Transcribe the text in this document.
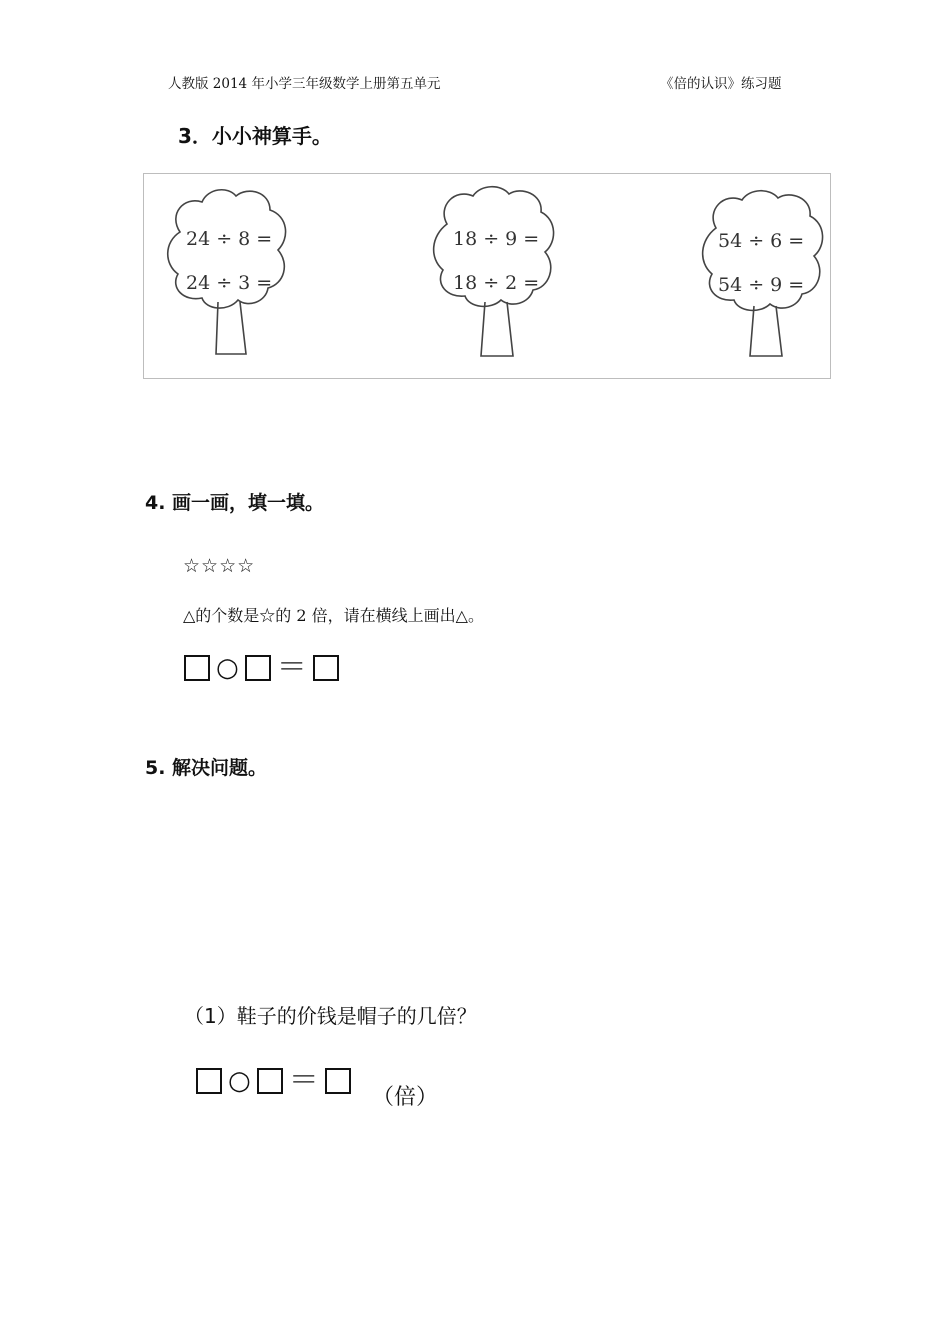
人教版 2014 年小学三年级数学上册第五单元	《倍的认识》练习题
3．小小神算手。
24 ÷ 8 =
24 ÷ 3 =
18 ÷ 9 =
18 ÷ 2 =
54 ÷ 6 =
54 ÷ 9 =
4. 画一画，填一填。
☆☆☆☆
△的个数是☆的 2 倍，请在横线上画出△。
○ ＝
5. 解决问题。
（1）鞋子的价钱是帽子的几倍？
○ ＝ （倍）
